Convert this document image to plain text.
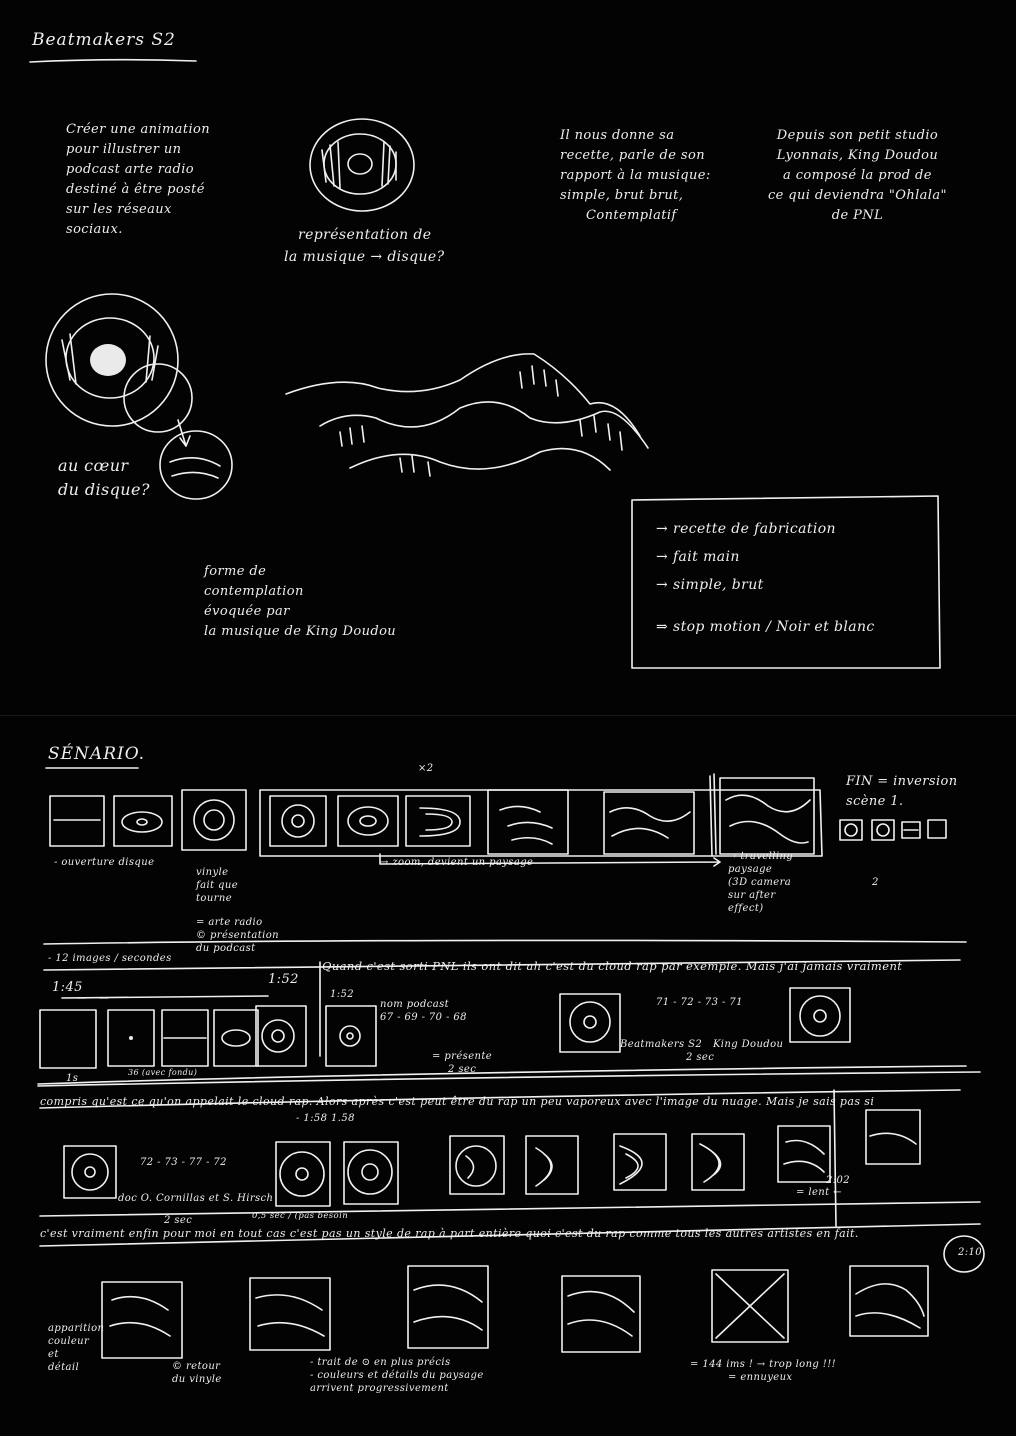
Beatmakers S2
Créer une animation
pour illustrer un
podcast arte radio
destiné à être posté
sur les réseaux
sociaux.	représentation de
la musique → disque?
Il nous donne sa
recette, parle de son
rapport à la musique:
simple, brut brut,
Contemplatif
Depuis son petit studio
Lyonnais, King Doudou
a composé la prod de
ce qui deviendra "Ohlala"
de PNL
au cœur
du disque?
forme de
contemplation
évoquée par
la musique de King Doudou
→ recette de fabrication
→ fait main
→ simple, brut
⇒ stop motion / Noir et blanc
SÉNARIO.
×2
- ouverture disque
vinyle
fait que
tourne
= arte radio
© présentation
du podcast
→ zoom, devient un paysage
→ travelling
paysage
(3D camera
sur after
effect)
FIN = inversion
scène 1.
2
- 12 images / secondes
1:45
1:52
Quand c'est sorti PNL ils ont dit ah c'est du cloud rap par exemple. Mais j'ai jamais vraiment
1:52
nom podcast
67 - 69 - 70 - 68
= présente
2 sec
71 - 72 - 73 - 71
Beatmakers S2 King Doudou
2 sec
1s
36 (avec fondu)
compris qu'est ce qu'on appelait le cloud rap. Alors après c'est peut être du rap un peu vaporeux avec l'image du nuage. Mais je sais pas si
- 1:58 1.58
72 - 73 - 77 - 72
doc O. Cornillas et S. Hirsch
2 sec	0,5 sec / (pas besoin
2:02
= lent ←
c'est vraiment enfin pour moi en tout cas c'est pas un style de rap à part entière quoi c'est du rap comme tous les autres artistes en fait.
2:10
apparition
couleur
et
détail	© retour
du vinyle
- trait de ⊙ en plus précis
- couleurs et détails du paysage
arrivent progressivement
= 144 ims ! → trop long !!!
= ennuyeux
